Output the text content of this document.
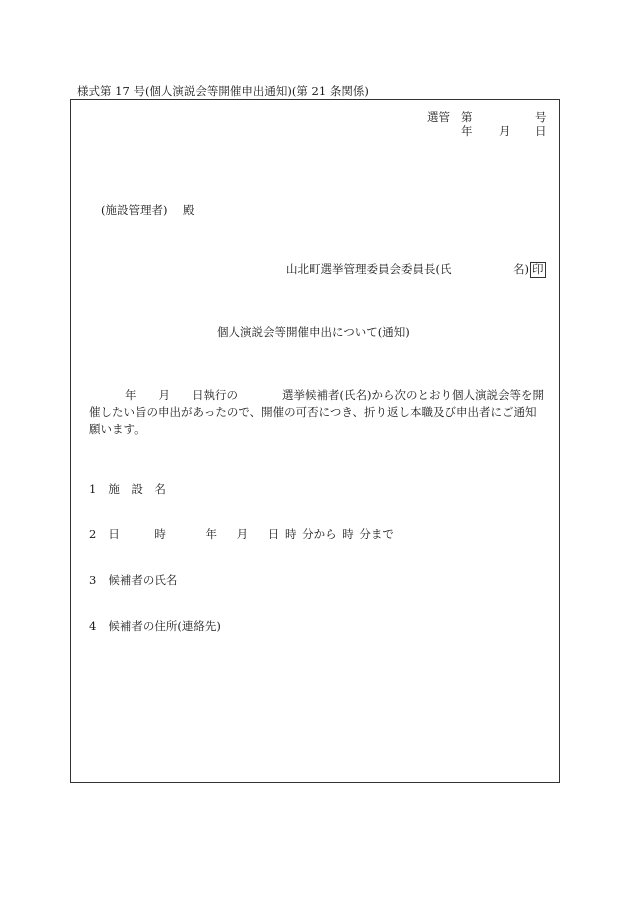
様式第 17 号(個人演説会等開催申出通知)(第 21 条関係)
選管 第	号
年 月 日
(施設管理者) 殿
山北町選挙管理委員会委員長(氏	名) 印
個人演説会等開催申出について(通知)
年 月 日執行の	選挙候補者(氏名)から次のとおり個人演説会等を開催したい旨の申出があったので、開催の可否につき、折り返し本職及び申出者にご通知願います。
1 施　設　名
2 日　　　時	年 月 日 時 分から 時 分まで
3 候補者の氏名
4 候補者の住所(連絡先)
